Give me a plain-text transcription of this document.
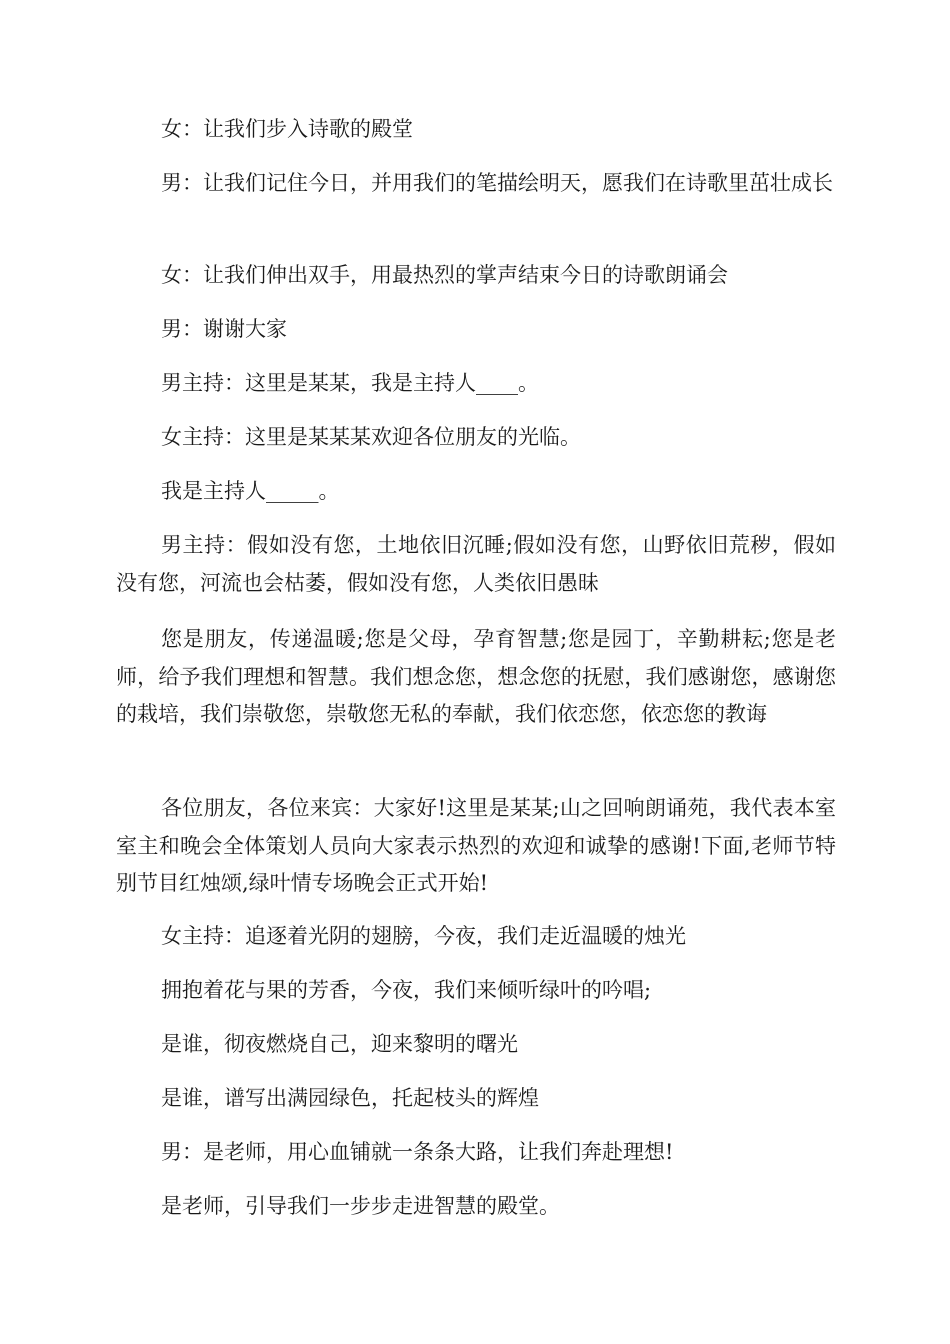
女：让我们步入诗歌的殿堂

男：让我们记住今日，并用我们的笔描绘明天，愿我们在诗歌里茁壮成长

女：让我们伸出双手，用最热烈的掌声结束今日的诗歌朗诵会

男：谢谢大家

男主持：这里是某某，我是主持人____。

女主持：这里是某某某欢迎各位朋友的光临。

我是主持人_____。

男主持：假如没有您，土地依旧沉睡;假如没有您，山野依旧荒秽，假如没有您，河流也会枯萎，假如没有您，人类依旧愚昧

您是朋友，传递温暖;您是父母，孕育智慧;您是园丁，辛勤耕耘;您是老师，给予我们理想和智慧。我们想念您，想念您的抚慰，我们感谢您，感谢您的栽培，我们崇敬您，崇敬您无私的奉献，我们依恋您，依恋您的教诲

各位朋友，各位来宾：大家好!这里是某某;山之回响朗诵苑，我代表本室室主和晚会全体策划人员向大家表示热烈的欢迎和诚挚的感谢!下面,老师节特别节目红烛颂,绿叶情专场晚会正式开始!

女主持：追逐着光阴的翅膀，今夜，我们走近温暖的烛光

拥抱着花与果的芳香，今夜，我们来倾听绿叶的吟唱;

是谁，彻夜燃烧自己，迎来黎明的曙光

是谁，谱写出满园绿色，托起枝头的辉煌

男：是老师，用心血铺就一条条大路，让我们奔赴理想!

是老师，引导我们一步步走进智慧的殿堂。
